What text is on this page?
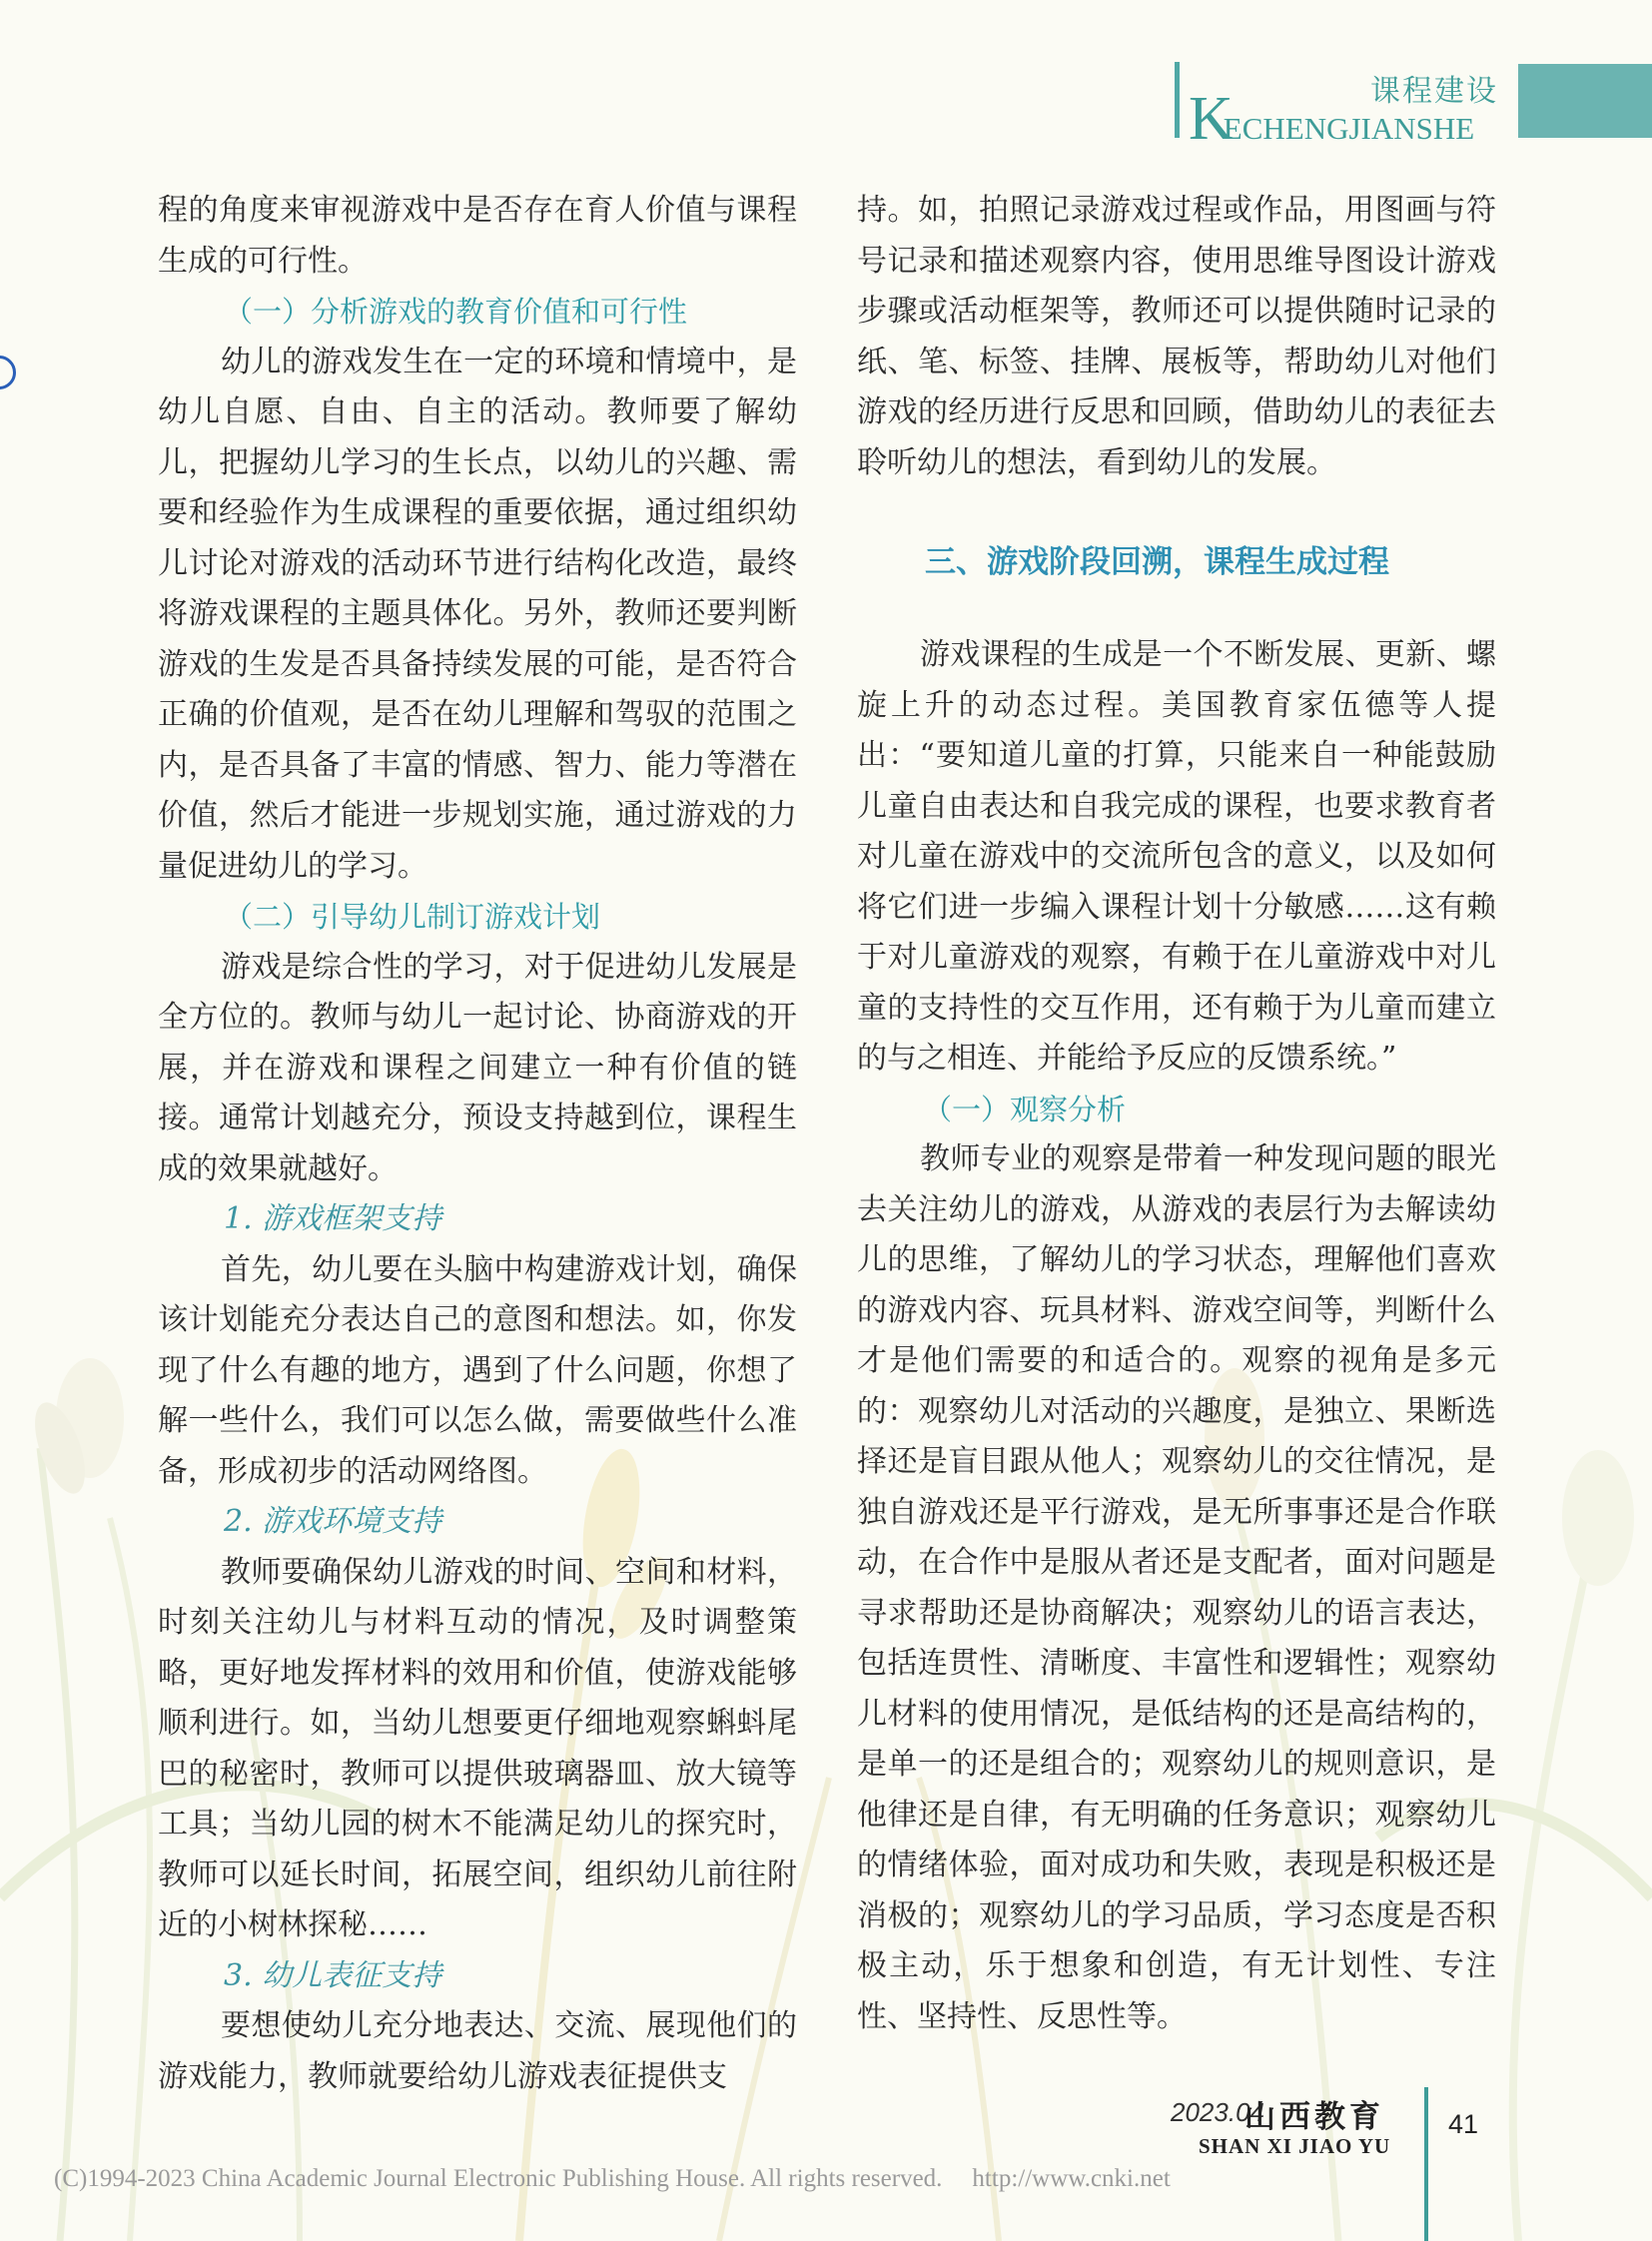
课程建设
KECHENGJIANSHE

程的角度来审视游戏中是否存在育人价值与课程生成的可行性。

（一）分析游戏的教育价值和可行性

幼儿的游戏发生在一定的环境和情境中，是幼儿自愿、自由、自主的活动。教师要了解幼儿，把握幼儿学习的生长点，以幼儿的兴趣、需要和经验作为生成课程的重要依据，通过组织幼儿讨论对游戏的活动环节进行结构化改造，最终将游戏课程的主题具体化。另外，教师还要判断游戏的生发是否具备持续发展的可能，是否符合正确的价值观，是否在幼儿理解和驾驭的范围之内，是否具备了丰富的情感、智力、能力等潜在价值，然后才能进一步规划实施，通过游戏的力量促进幼儿的学习。

（二）引导幼儿制订游戏计划

游戏是综合性的学习，对于促进幼儿发展是全方位的。教师与幼儿一起讨论、协商游戏的开展，并在游戏和课程之间建立一种有价值的链接。通常计划越充分，预设支持越到位，课程生成的效果就越好。

1. 游戏框架支持

首先，幼儿要在头脑中构建游戏计划，确保该计划能充分表达自己的意图和想法。如，你发现了什么有趣的地方，遇到了什么问题，你想了解一些什么，我们可以怎么做，需要做些什么准备，形成初步的活动网络图。

2. 游戏环境支持

教师要确保幼儿游戏的时间、空间和材料，时刻关注幼儿与材料互动的情况，及时调整策略，更好地发挥材料的效用和价值，使游戏能够顺利进行。如，当幼儿想要更仔细地观察蝌蚪尾巴的秘密时，教师可以提供玻璃器皿、放大镜等工具；当幼儿园的树木不能满足幼儿的探究时，教师可以延长时间，拓展空间，组织幼儿前往附近的小树林探秘……

3. 幼儿表征支持

要想使幼儿充分地表达、交流、展现他们的游戏能力，教师就要给幼儿游戏表征提供支

持。如，拍照记录游戏过程或作品，用图画与符号记录和描述观察内容，使用思维导图设计游戏步骤或活动框架等，教师还可以提供随时记录的纸、笔、标签、挂牌、展板等，帮助幼儿对他们游戏的经历进行反思和回顾，借助幼儿的表征去聆听幼儿的想法，看到幼儿的发展。

三、游戏阶段回溯，课程生成过程

游戏课程的生成是一个不断发展、更新、螺旋上升的动态过程。美国教育家伍德等人提出：“要知道儿童的打算，只能来自一种能鼓励儿童自由表达和自我完成的课程，也要求教育者对儿童在游戏中的交流所包含的意义，以及如何将它们进一步编入课程计划十分敏感……这有赖于对儿童游戏的观察，有赖于在儿童游戏中对儿童的支持性的交互作用，还有赖于为儿童而建立的与之相连、并能给予反应的反馈系统。”

（一）观察分析

教师专业的观察是带着一种发现问题的眼光去关注幼儿的游戏，从游戏的表层行为去解读幼儿的思维，了解幼儿的学习状态，理解他们喜欢的游戏内容、玩具材料、游戏空间等，判断什么才是他们需要的和适合的。观察的视角是多元的：观察幼儿对活动的兴趣度，是独立、果断选择还是盲目跟从他人；观察幼儿的交往情况，是独自游戏还是平行游戏，是无所事事还是合作联动，在合作中是服从者还是支配者，面对问题是寻求帮助还是协商解决；观察幼儿的语言表达，包括连贯性、清晰度、丰富性和逻辑性；观察幼儿材料的使用情况，是低结构的还是高结构的，是单一的还是组合的；观察幼儿的规则意识，是他律还是自律，有无明确的任务意识；观察幼儿的情绪体验，面对成功和失败，表现是积极还是消极的；观察幼儿的学习品质，学习态度是否积极主动，乐于想象和创造，有无计划性、专注性、坚持性、反思性等。

2023.04
山西教育
SHAN XI JIAO YU
41
(C)1994-2023 China Academic Journal Electronic Publishing House. All rights reserved. http://www.cnki.net
